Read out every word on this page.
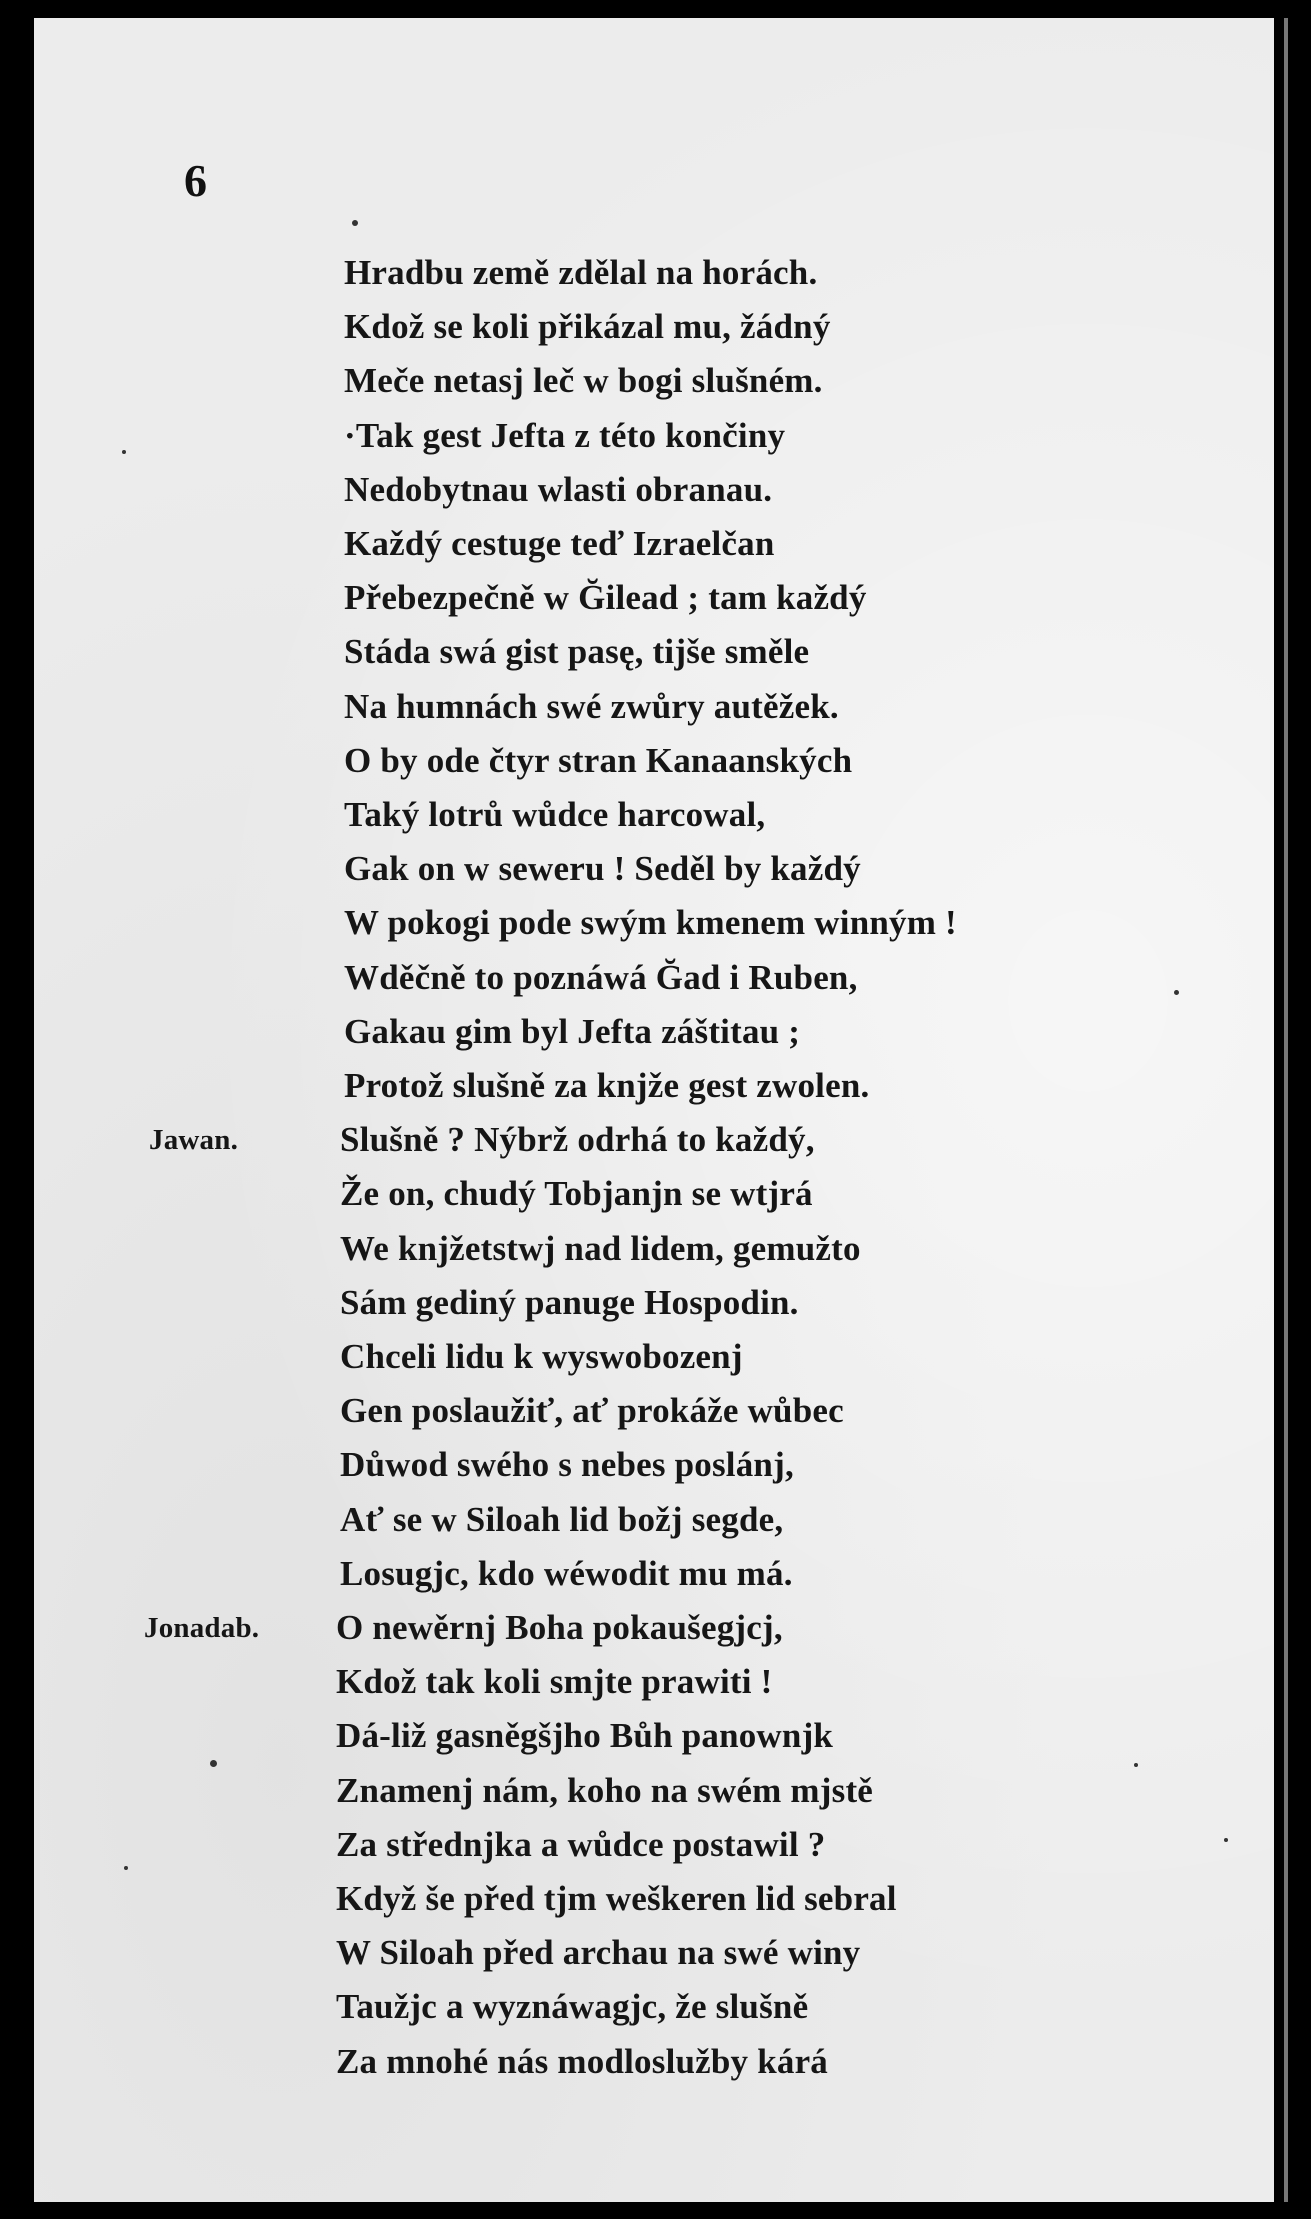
6
Hradbu země zdělal na horách.
Kdož se koli přikázal mu, žádný
Meče netasj leč w bogi slušném.
·Tak gest Jefta z této končiny
Nedobytnau wlasti obranau.
Každý cestuge teď Izraelčan
Přebezpečně w Ğilead ; tam každý
Stáda swá gist pasę, tijše směle
Na humnách swé zwůry autěžek.
O by ode čtyr stran Kanaanských
Taký lotrů wůdce harcowal,
Gak on w seweru ! Seděl by každý
W pokogi pode swým kmenem winným !
Wděčně to poznáwá Ğad i Ruben,
Gakau gim byl Jefta záštitau ;
Protož slušně za knjže gest zwolen.
Jawan.	Slušně ? Nýbrž odrhá to každý,
Že on, chudý Tobjanjn se wtjrá
We knjžetstwj nad lidem, gemužto
Sám gediný panuge Hospodin.
Chceli lidu k wyswobozenj
Gen poslaužiť, ať prokáže wůbec
Důwod swého s nebes poslánj,
Ať se w Siloah lid božj segde,
Losugjc, kdo wéwodit mu má.
Jonadab.	O newěrnj Boha pokaušegjcj,
Kdož tak koli smjte prawiti !
Dá-liž gasněgšjho Bůh panownjk
Znamenj nám, koho na swém mjstě
Za střednjka a wůdce postawil ?
Když še před tjm weškeren lid sebral
W Siloah před archau na swé winy
Taužjc a wyznáwagjc, že slušně
Za mnohé nás modloslužby kárá
